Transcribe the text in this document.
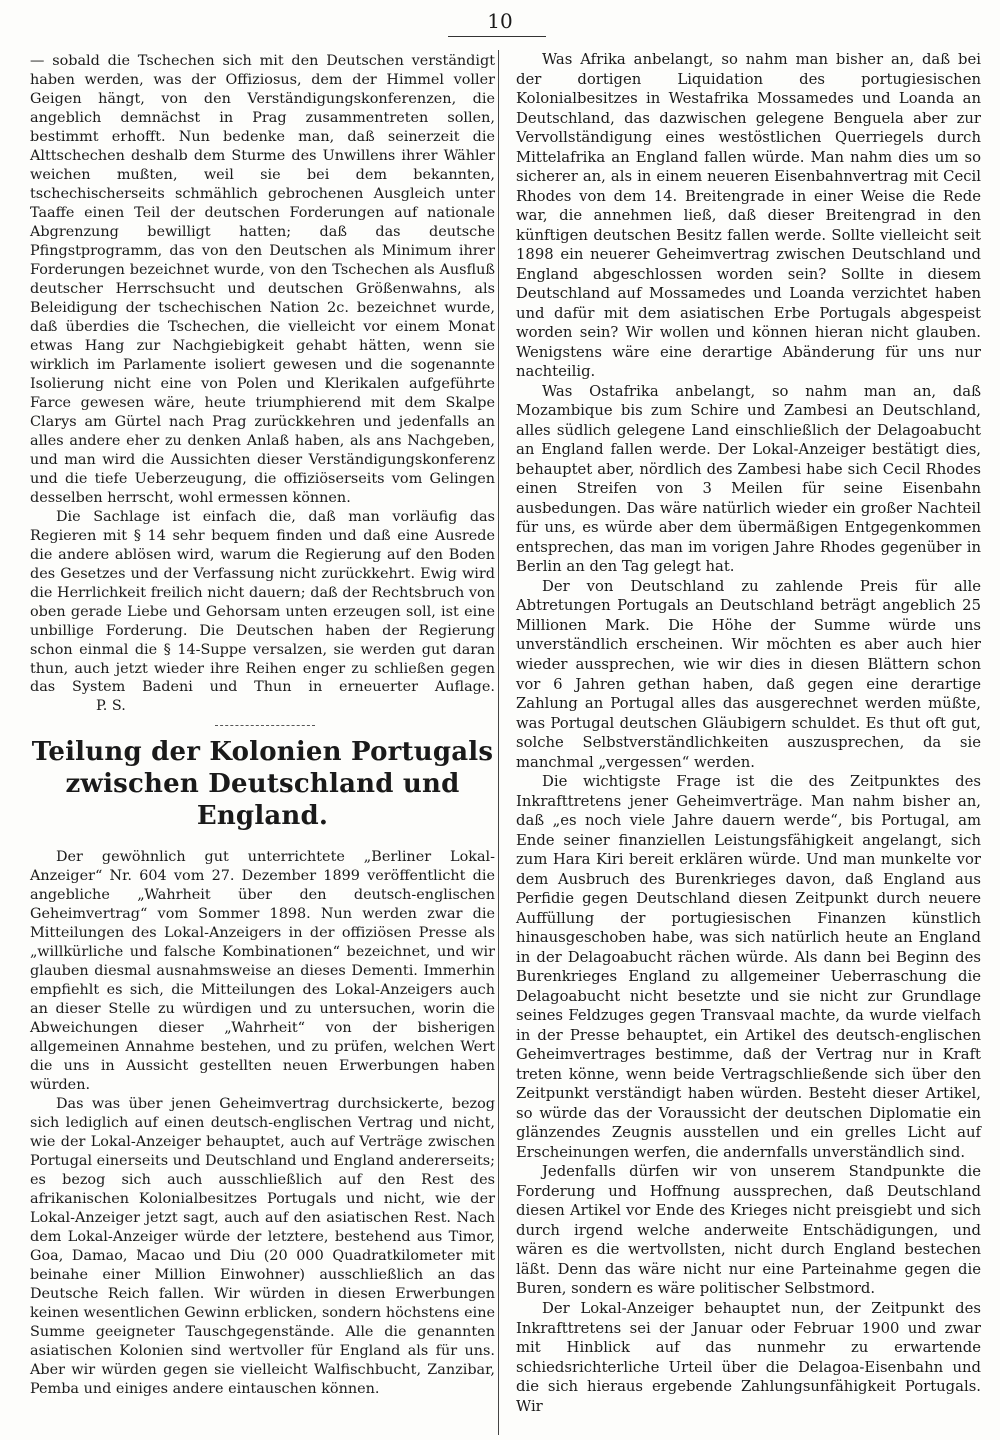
10

— sobald die Tschechen sich mit den Deutschen verständigt haben werden, was der Offiziosus, dem der Himmel voller Geigen hängt, von den Verständigungskonferenzen, die angeblich demnächst in Prag zusammentreten sollen, bestimmt erhofft. Nun bedenke man, daß seinerzeit die Alttschechen deshalb dem Sturme des Unwillens ihrer Wähler weichen mußten, weil sie bei dem bekannten, tschechischerseits schmählich gebrochenen Ausgleich unter Taaffe einen Teil der deutschen Forderungen auf nationale Abgrenzung bewilligt hatten; daß das deutsche Pfingstprogramm, das von den Deutschen als Minimum ihrer Forderungen bezeichnet wurde, von den Tschechen als Ausfluß deutscher Herrschsucht und deutschen Größenwahns, als Beleidigung der tschechischen Nation 2c. bezeichnet wurde, daß überdies die Tschechen, die vielleicht vor einem Monat etwas Hang zur Nachgiebigkeit gehabt hätten, wenn sie wirklich im Parlamente isoliert gewesen und die sogenannte Isolierung nicht eine von Polen und Klerikalen aufgeführte Farce gewesen wäre, heute triumphierend mit dem Skalpe Clarys am Gürtel nach Prag zurückkehren und jedenfalls an alles andere eher zu denken Anlaß haben, als ans Nachgeben, und man wird die Aussichten dieser Verständigungskonferenz und die tiefe Ueberzeugung, die offiziöserseits vom Gelingen desselben herrscht, wohl ermessen können.

Die Sachlage ist einfach die, daß man vorläufig das Regieren mit § 14 sehr bequem finden und daß eine Ausrede die andere ablösen wird, warum die Regierung auf den Boden des Gesetzes und der Verfassung nicht zurückkehrt. Ewig wird die Herrlichkeit freilich nicht dauern; daß der Rechtsbruch von oben gerade Liebe und Gehorsam unten erzeugen soll, ist eine unbillige Forderung. Die Deutschen haben der Regierung schon einmal die § 14-Suppe versalzen, sie werden gut daran thun, auch jetzt wieder ihre Reihen enger zu schließen gegen das System Badeni und Thun in erneuerter Auflage.P. S.

Teilung der Kolonien Portugals zwischen Deutschland und England.

Der gewöhnlich gut unterrichtete „Berliner Lokal-Anzeiger“ Nr. 604 vom 27. Dezember 1899 veröffentlicht die angebliche „Wahrheit über den deutsch-englischen Geheimvertrag“ vom Sommer 1898. Nun werden zwar die Mitteilungen des Lokal-Anzeigers in der offiziösen Presse als „willkürliche und falsche Kombinationen“ bezeichnet, und wir glauben diesmal ausnahmsweise an dieses Dementi. Immerhin empfiehlt es sich, die Mitteilungen des Lokal-Anzeigers auch an dieser Stelle zu würdigen und zu untersuchen, worin die Abweichungen dieser „Wahrheit“ von der bisherigen allgemeinen Annahme bestehen, und zu prüfen, welchen Wert die uns in Aussicht gestellten neuen Erwerbungen haben würden.

Das was über jenen Geheimvertrag durchsickerte, bezog sich lediglich auf einen deutsch-englischen Vertrag und nicht, wie der Lokal-Anzeiger behauptet, auch auf Verträge zwischen Portugal einerseits und Deutschland und England andererseits; es bezog sich auch ausschließlich auf den Rest des afrikanischen Kolonialbesitzes Portugals und nicht, wie der Lokal-Anzeiger jetzt sagt, auch auf den asiatischen Rest. Nach dem Lokal-Anzeiger würde der letztere, bestehend aus Timor, Goa, Damao, Macao und Diu (20 000 Quadratkilometer mit beinahe einer Million Einwohner) ausschließlich an das Deutsche Reich fallen. Wir würden in diesen Erwerbungen keinen wesentlichen Gewinn erblicken, sondern höchstens eine Summe geeigneter Tauschgegenstände. Alle die genannten asiatischen Kolonien sind wertvoller für England als für uns. Aber wir würden gegen sie vielleicht Walfischbucht, Zanzibar, Pemba und einiges andere eintauschen können.

Was Afrika anbelangt, so nahm man bisher an, daß bei der dortigen Liquidation des portugiesischen Kolonialbesitzes in Westafrika Mossamedes und Loanda an Deutschland, das dazwischen gelegene Benguela aber zur Vervollständigung eines westöstlichen Querriegels durch Mittelafrika an England fallen würde. Man nahm dies um so sicherer an, als in einem neueren Eisenbahnvertrag mit Cecil Rhodes von dem 14. Breitengrade in einer Weise die Rede war, die annehmen ließ, daß dieser Breitengrad in den künftigen deutschen Besitz fallen werde. Sollte vielleicht seit 1898 ein neuerer Geheimvertrag zwischen Deutschland und England abgeschlossen worden sein? Sollte in diesem Deutschland auf Mossamedes und Loanda verzichtet haben und dafür mit dem asiatischen Erbe Portugals abgespeist worden sein? Wir wollen und können hieran nicht glauben. Wenigstens wäre eine derartige Abänderung für uns nur nachteilig.

Was Ostafrika anbelangt, so nahm man an, daß Mozambique bis zum Schire und Zambesi an Deutschland, alles südlich gelegene Land einschließlich der Delagoabucht an England fallen werde. Der Lokal-Anzeiger bestätigt dies, behauptet aber, nördlich des Zambesi habe sich Cecil Rhodes einen Streifen von 3 Meilen für seine Eisenbahn ausbedungen. Das wäre natürlich wieder ein großer Nachteil für uns, es würde aber dem übermäßigen Entgegenkommen entsprechen, das man im vorigen Jahre Rhodes gegenüber in Berlin an den Tag gelegt hat.

Der von Deutschland zu zahlende Preis für alle Abtretungen Portugals an Deutschland beträgt angeblich 25 Millionen Mark. Die Höhe der Summe würde uns unverständlich erscheinen. Wir möchten es aber auch hier wieder aussprechen, wie wir dies in diesen Blättern schon vor 6 Jahren gethan haben, daß gegen eine derartige Zahlung an Portugal alles das ausgerechnet werden müßte, was Portugal deutschen Gläubigern schuldet. Es thut oft gut, solche Selbstverständlichkeiten auszusprechen, da sie manchmal „vergessen“ werden.

Die wichtigste Frage ist die des Zeitpunktes des Inkrafttretens jener Geheimverträge. Man nahm bisher an, daß „es noch viele Jahre dauern werde“, bis Portugal, am Ende seiner finanziellen Leistungsfähigkeit angelangt, sich zum Hara Kiri bereit erklären würde. Und man munkelte vor dem Ausbruch des Burenkrieges davon, daß England aus Perfidie gegen Deutschland diesen Zeitpunkt durch neuere Auffüllung der portugiesischen Finanzen künstlich hinausgeschoben habe, was sich natürlich heute an England in der Delagoabucht rächen würde. Als dann bei Beginn des Burenkrieges England zu allgemeiner Ueberraschung die Delagoabucht nicht besetzte und sie nicht zur Grundlage seines Feldzuges gegen Transvaal machte, da wurde vielfach in der Presse behauptet, ein Artikel des deutsch-englischen Geheimvertrages bestimme, daß der Vertrag nur in Kraft treten könne, wenn beide Vertragschließende sich über den Zeitpunkt verständigt haben würden. Besteht dieser Artikel, so würde das der Voraussicht der deutschen Diplomatie ein glänzendes Zeugnis ausstellen und ein grelles Licht auf Erscheinungen werfen, die andernfalls unverständlich sind.

Jedenfalls dürfen wir von unserem Standpunkte die Forderung und Hoffnung aussprechen, daß Deutschland diesen Artikel vor Ende des Krieges nicht preisgiebt und sich durch irgend welche anderweite Entschädigungen, und wären es die wertvollsten, nicht durch England bestechen läßt. Denn das wäre nicht nur eine Parteinahme gegen die Buren, sondern es wäre politischer Selbstmord.

Der Lokal-Anzeiger behauptet nun, der Zeitpunkt des Inkrafttretens sei der Januar oder Februar 1900 und zwar mit Hinblick auf das nunmehr zu erwartende schiedsrichterliche Urteil über die Delagoa-Eisenbahn und die sich hieraus ergebende Zahlungsunfähigkeit Portugals. Wir
